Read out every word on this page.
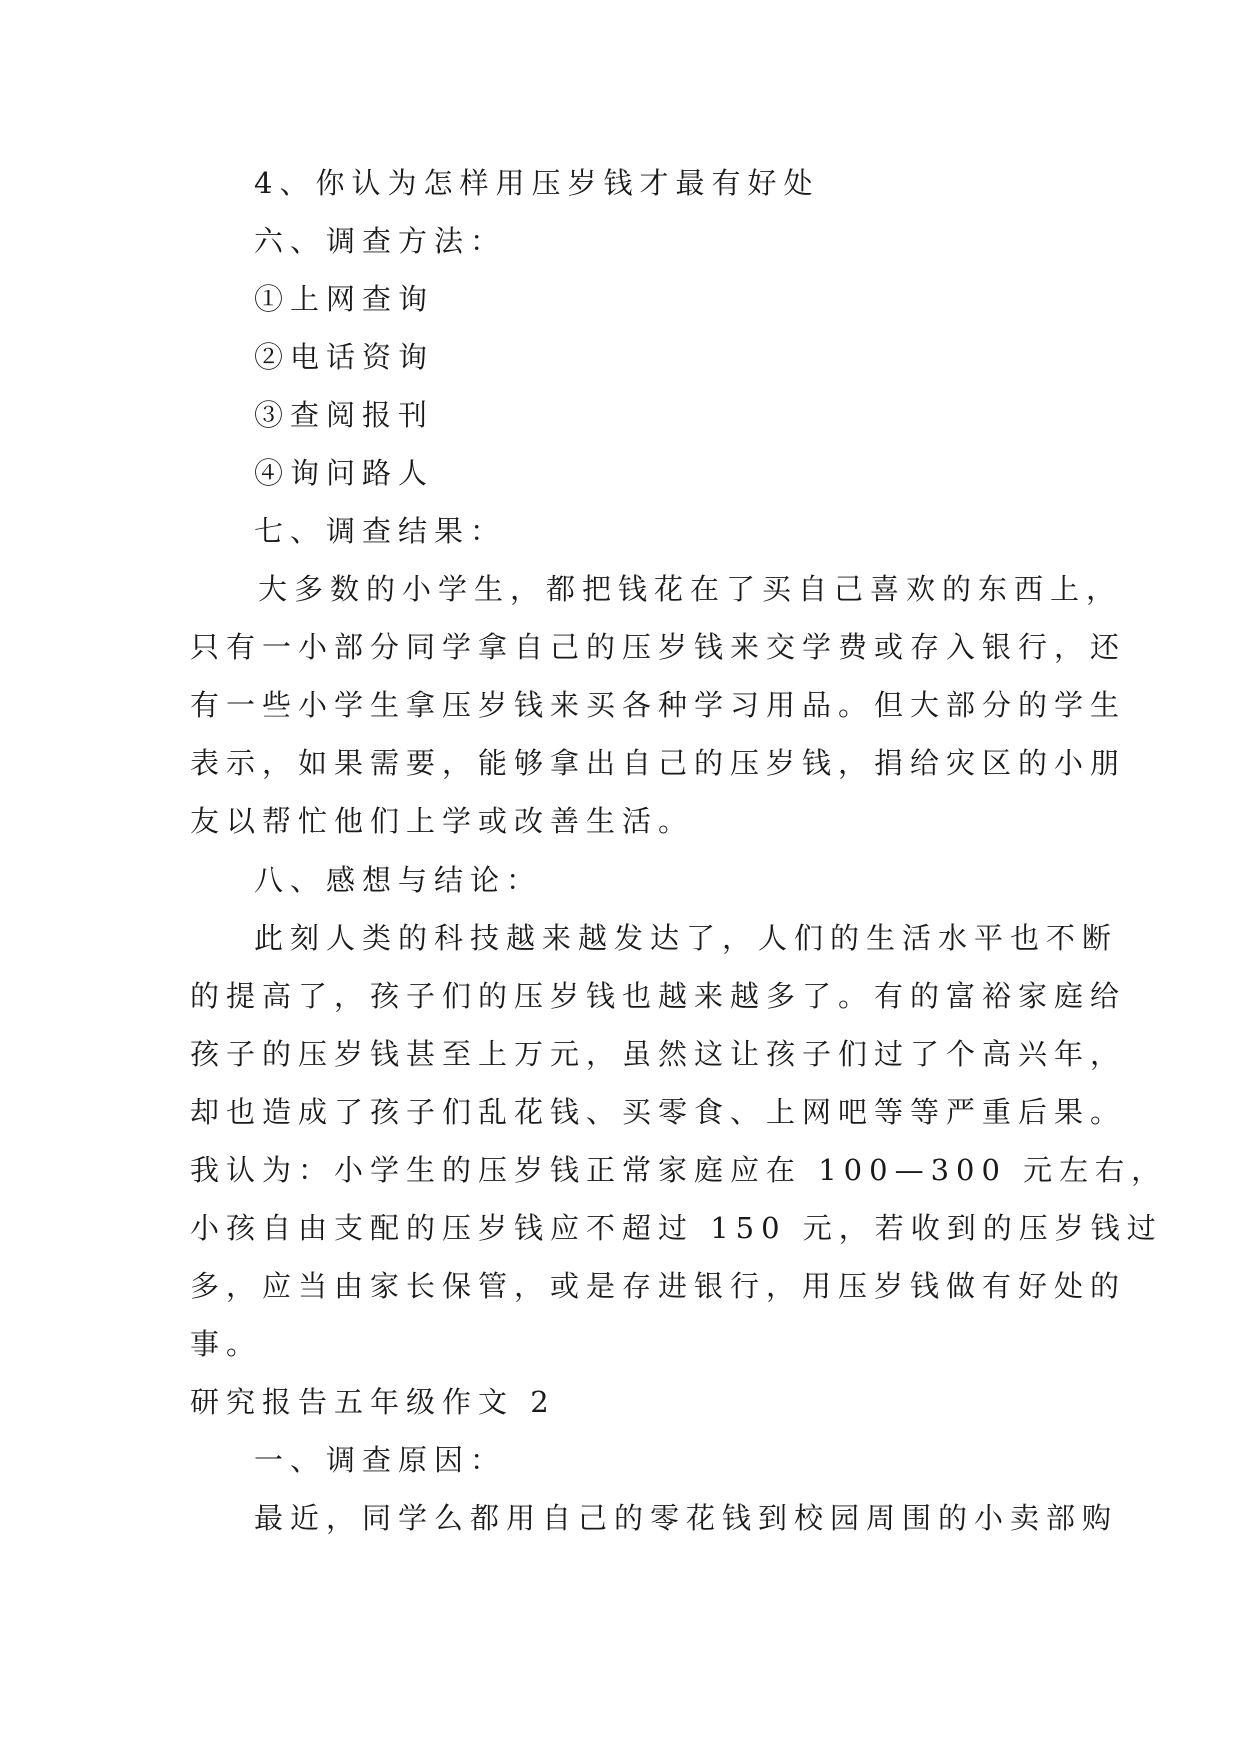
4、你认为怎样用压岁钱才最有好处
六、调查方法：
①上网查询
②电话资询
③查阅报刊
④询问路人
七、调查结果：
大多数的小学生，都把钱花在了买自己喜欢的东西上，
只有一小部分同学拿自己的压岁钱来交学费或存入银行，还
有一些小学生拿压岁钱来买各种学习用品。但大部分的学生
表示，如果需要，能够拿出自己的压岁钱，捐给灾区的小朋
友以帮忙他们上学或改善生活。
八、感想与结论：
此刻人类的科技越来越发达了，人们的生活水平也不断
的提高了，孩子们的压岁钱也越来越多了。有的富裕家庭给
孩子的压岁钱甚至上万元，虽然这让孩子们过了个高兴年，
却也造成了孩子们乱花钱、买零食、上网吧等等严重后果。
我认为：小学生的压岁钱正常家庭应在 100—300 元左右，
小孩自由支配的压岁钱应不超过 150 元，若收到的压岁钱过
多，应当由家长保管，或是存进银行，用压岁钱做有好处的
事。
研究报告五年级作文 2
一、调查原因：
最近，同学么都用自己的零花钱到校园周围的小卖部购
